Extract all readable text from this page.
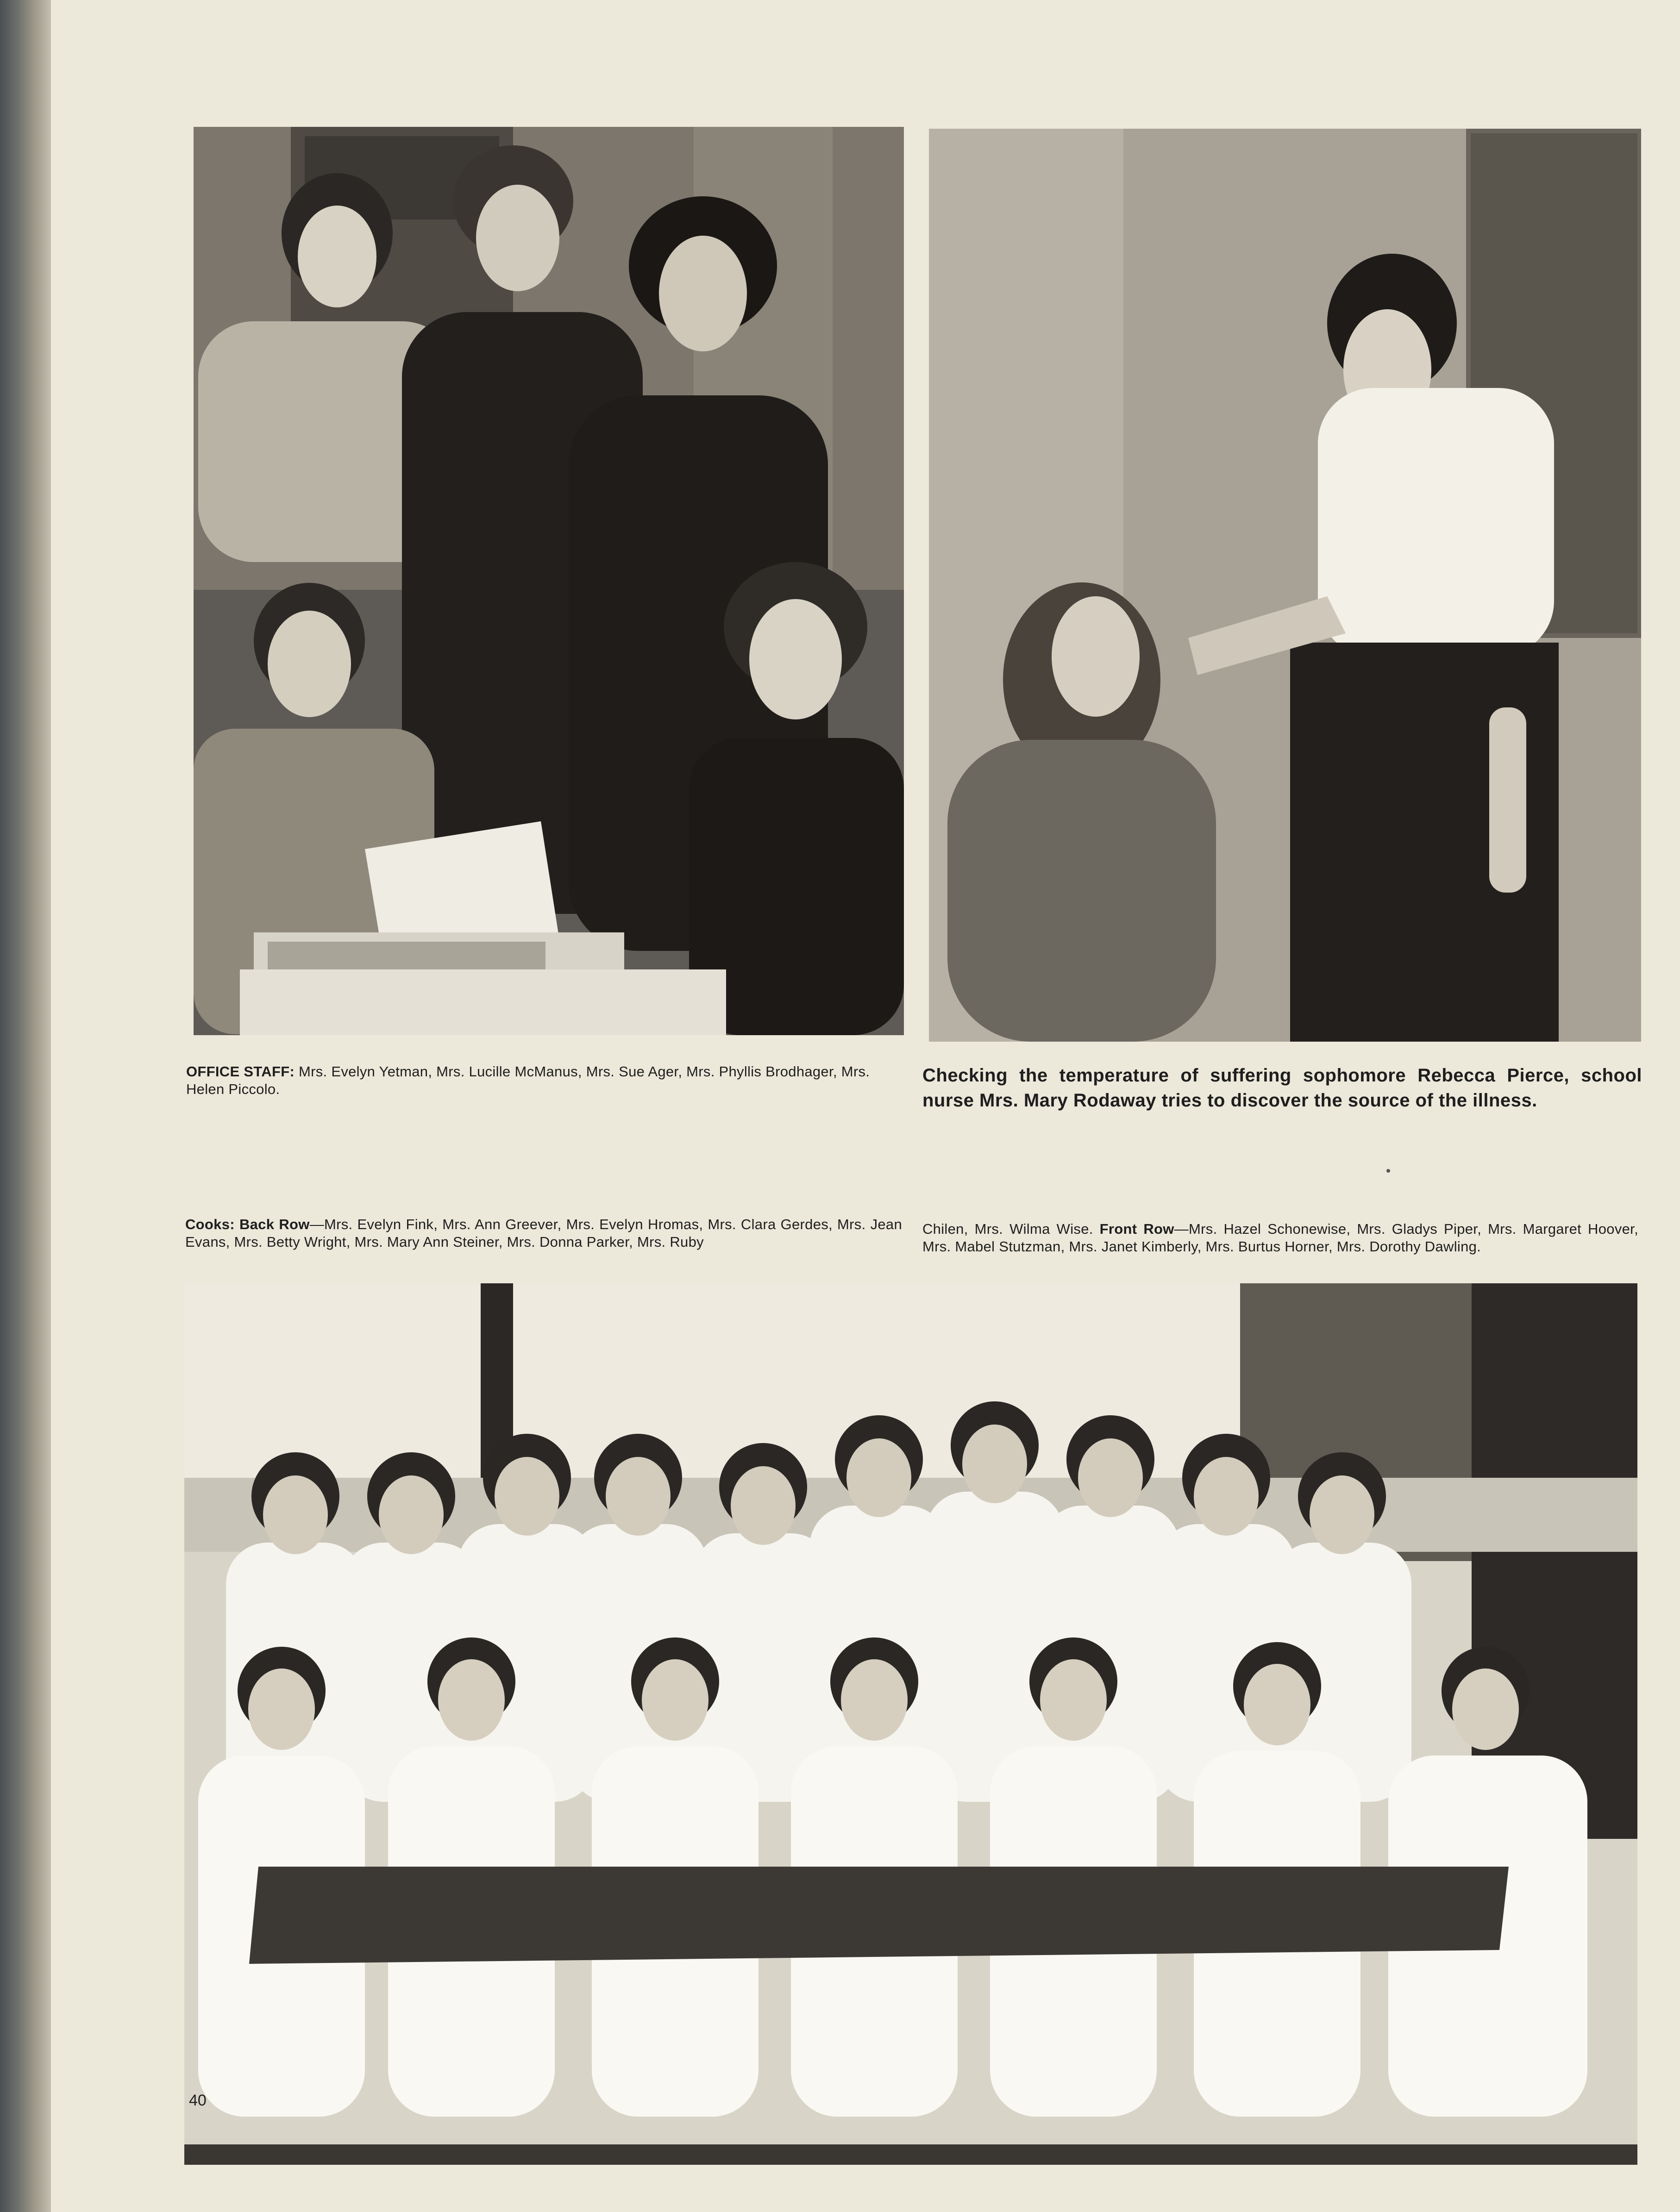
OFFICE STAFF: Mrs. Evelyn Yetman, Mrs. Lucille McManus, Mrs. Sue Ager, Mrs. Phyllis Brodhager, Mrs. Helen Piccolo.
Checking the temperature of suffering sophomore Rebecca Pierce, school nurse Mrs. Mary Rodaway tries to discover the source of the illness.
Cooks: Back Row—Mrs. Evelyn Fink, Mrs. Ann Greever, Mrs. Evelyn Hromas, Mrs. Clara Gerdes, Mrs. Jean Evans, Mrs. Betty Wright, Mrs. Mary Ann Steiner, Mrs. Donna Parker, Mrs. Ruby
Chilen, Mrs. Wilma Wise. Front Row—Mrs. Hazel Schonewise, Mrs. Gladys Piper, Mrs. Margaret Hoover, Mrs. Mabel Stutzman, Mrs. Janet Kimberly, Mrs. Burtus Horner, Mrs. Dorothy Dawling.
40
